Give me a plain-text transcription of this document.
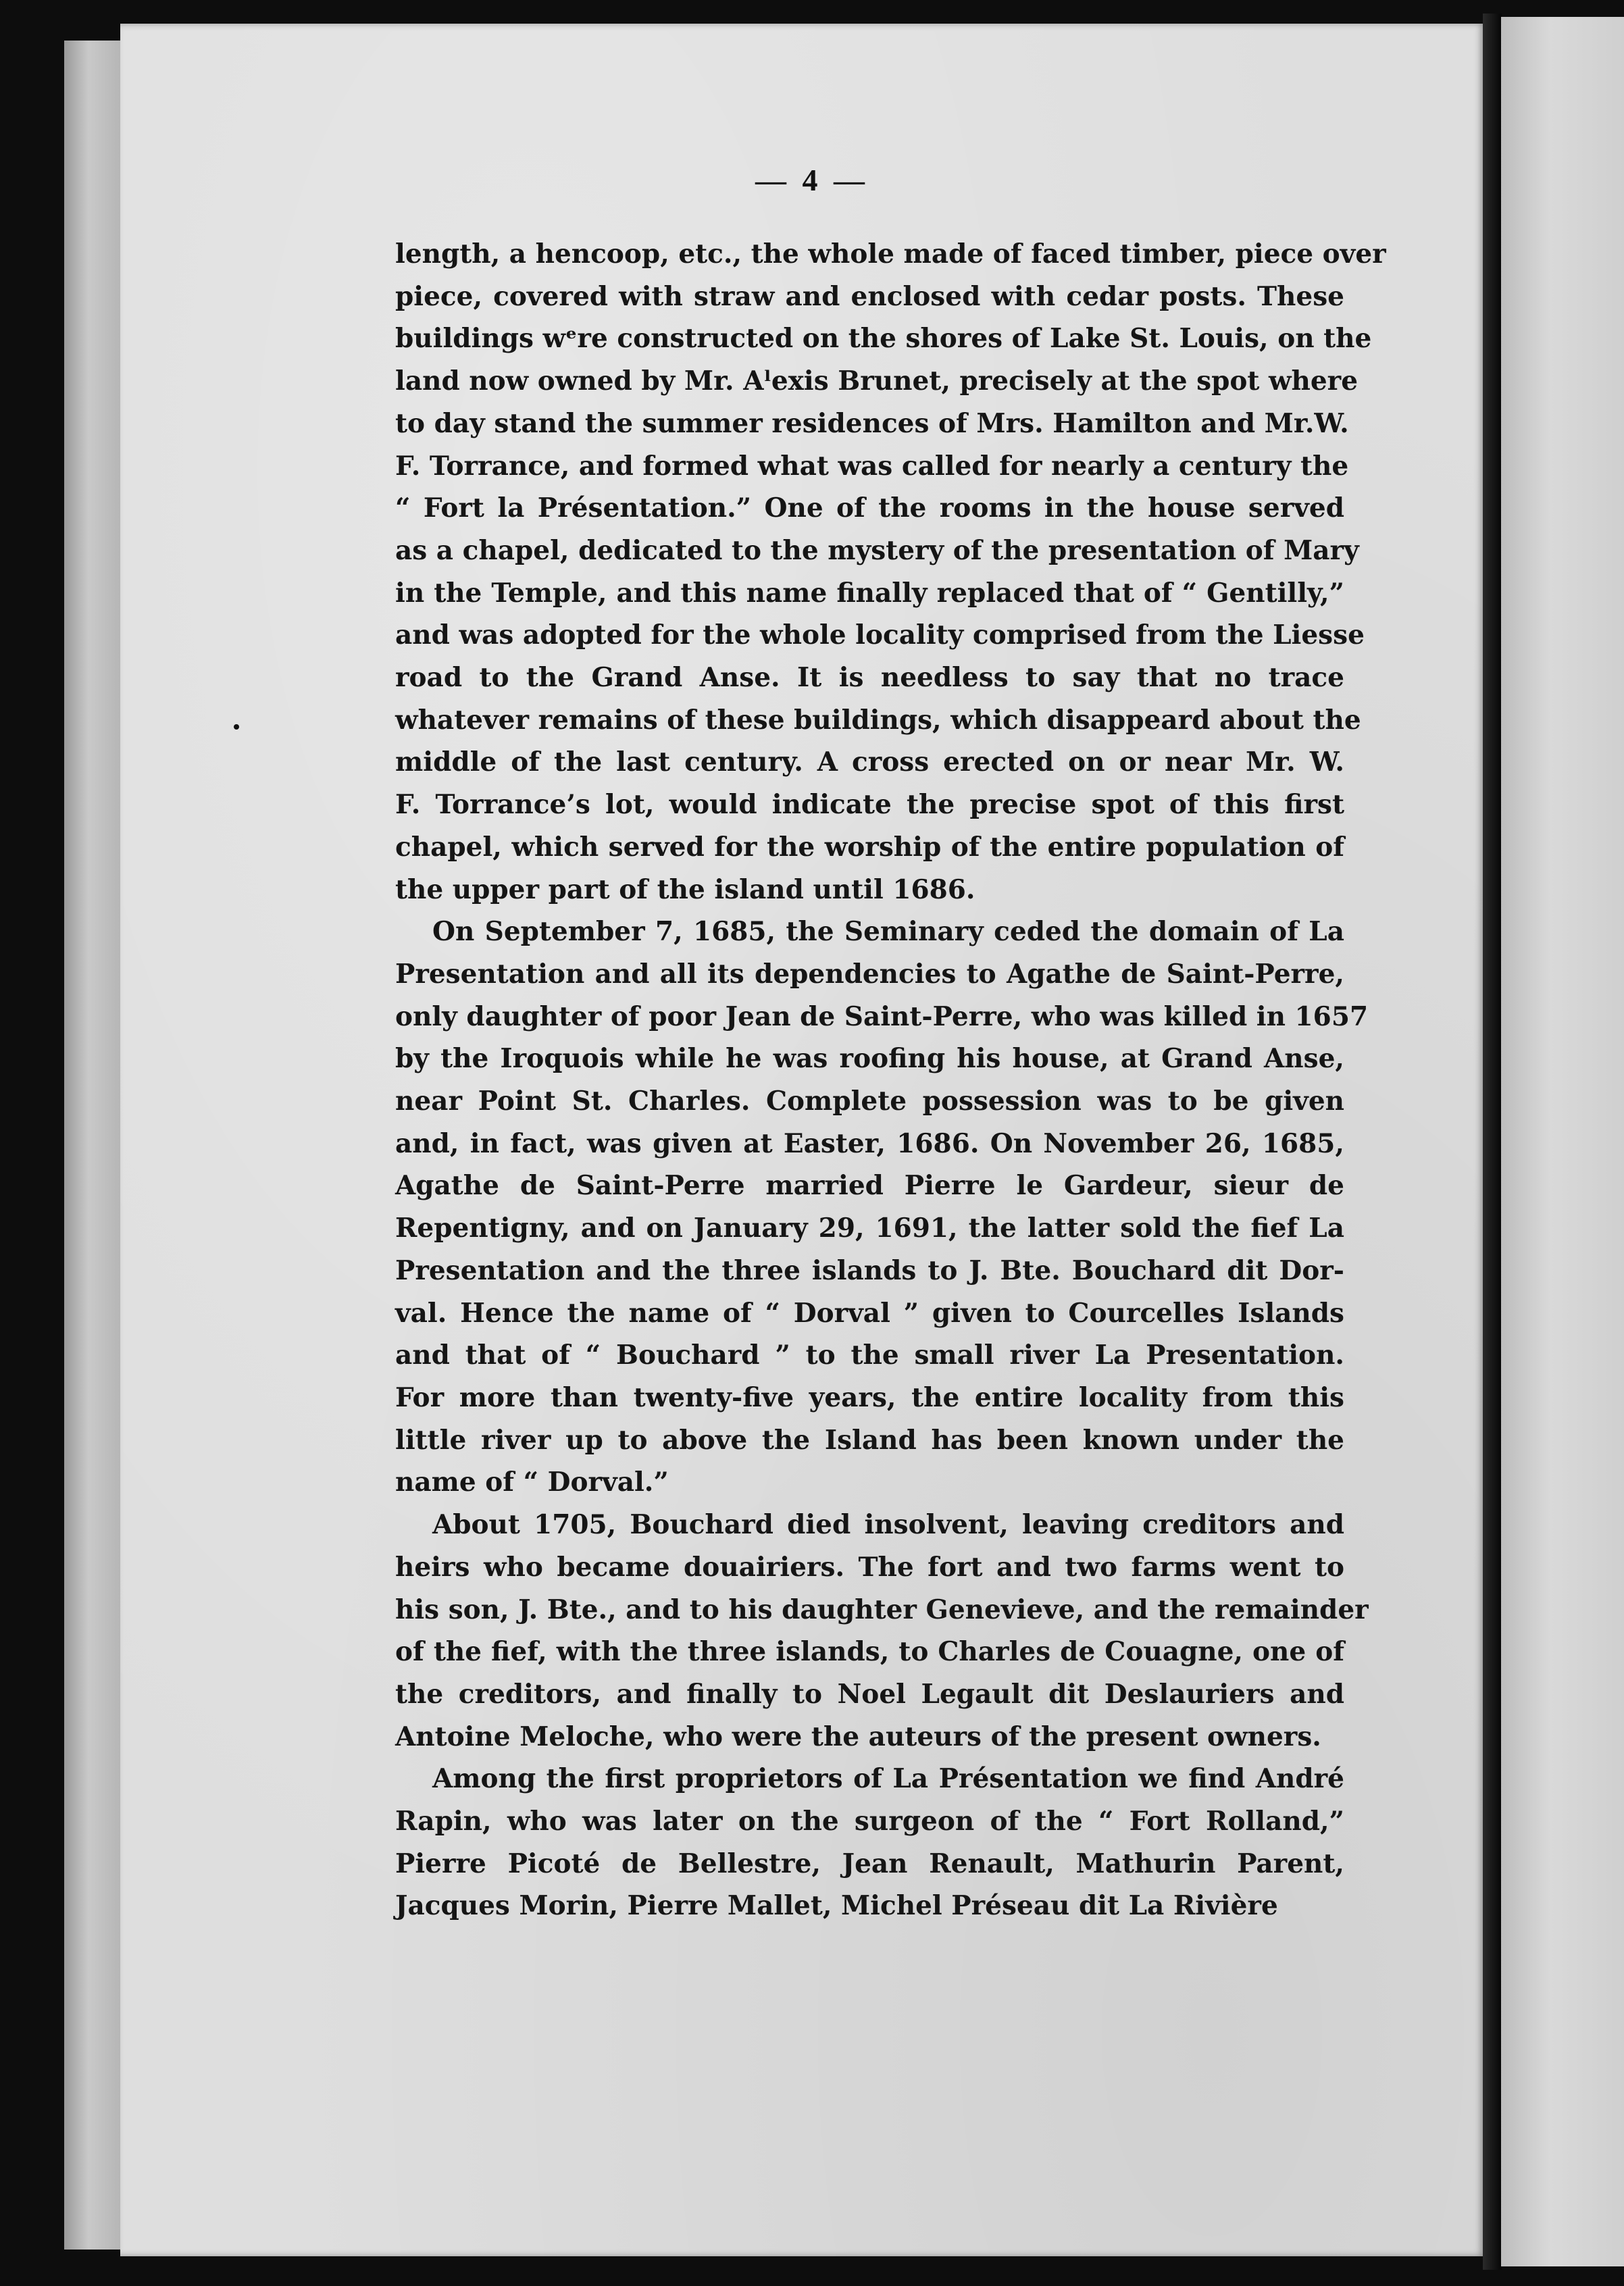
— 4 —

length, a hencoop, etc., the whole made of faced timber, piece over
piece, covered with straw and enclosed with cedar posts. These
buildings wᵉre constructed on the shores of Lake St. Louis, on the
land now owned by Mr. Aˡexis Brunet, precisely at the spot where
to day stand the summer residences of Mrs. Hamilton and Mr.W.
F. Torrance, and formed what was called for nearly a century the
“ Fort la Présentation.” One of the rooms in the house served
as a chapel, dedicated to the mystery of the presentation of Mary
in the Temple, and this name finally replaced that of “ Gentilly,”
and was adopted for the whole locality comprised from the Liesse
road to the Grand Anse. It is needless to say that no trace
whatever remains of these buildings, which disappeard about the
middle of the last century. A cross erected on or near Mr. W.
F. Torrance’s lot, would indicate the precise spot of this first
chapel, which served for the worship of the entire population of
the upper part of the island until 1686.

On September 7, 1685, the Seminary ceded the domain of La
Presentation and all its dependencies to Agathe de Saint-Perre,
only daughter of poor Jean de Saint-Perre, who was killed in 1657
by the Iroquois while he was roofing his house, at Grand Anse,
near Point St. Charles. Complete possession was to be given
and, in fact, was given at Easter, 1686. On November 26, 1685,
Agathe de Saint-Perre married Pierre le Gardeur, sieur de
Repentigny, and on January 29, 1691, the latter sold the fief La
Presentation and the three islands to J. Bte. Bouchard dit Dor-
val. Hence the name of “ Dorval ” given to Courcelles Islands
and that of “ Bouchard ” to the small river La Presentation.
For more than twenty-five years, the entire locality from this
little river up to above the Island has been known under the
name of “ Dorval.”

About 1705, Bouchard died insolvent, leaving creditors and
heirs who became douairiers. The fort and two farms went to
his son, J. Bte., and to his daughter Genevieve, and the remainder
of the fief, with the three islands, to Charles de Couagne, one of
the creditors, and finally to Noel Legault dit Deslauriers and
Antoine Meloche, who were the auteurs of the present owners.

Among the first proprietors of La Présentation we find André
Rapin, who was later on the surgeon of the “ Fort Rolland,”
Pierre Picoté de Bellestre, Jean Renault, Mathurin Parent,
Jacques Morin, Pierre Mallet, Michel Préseau dit La Rivière
